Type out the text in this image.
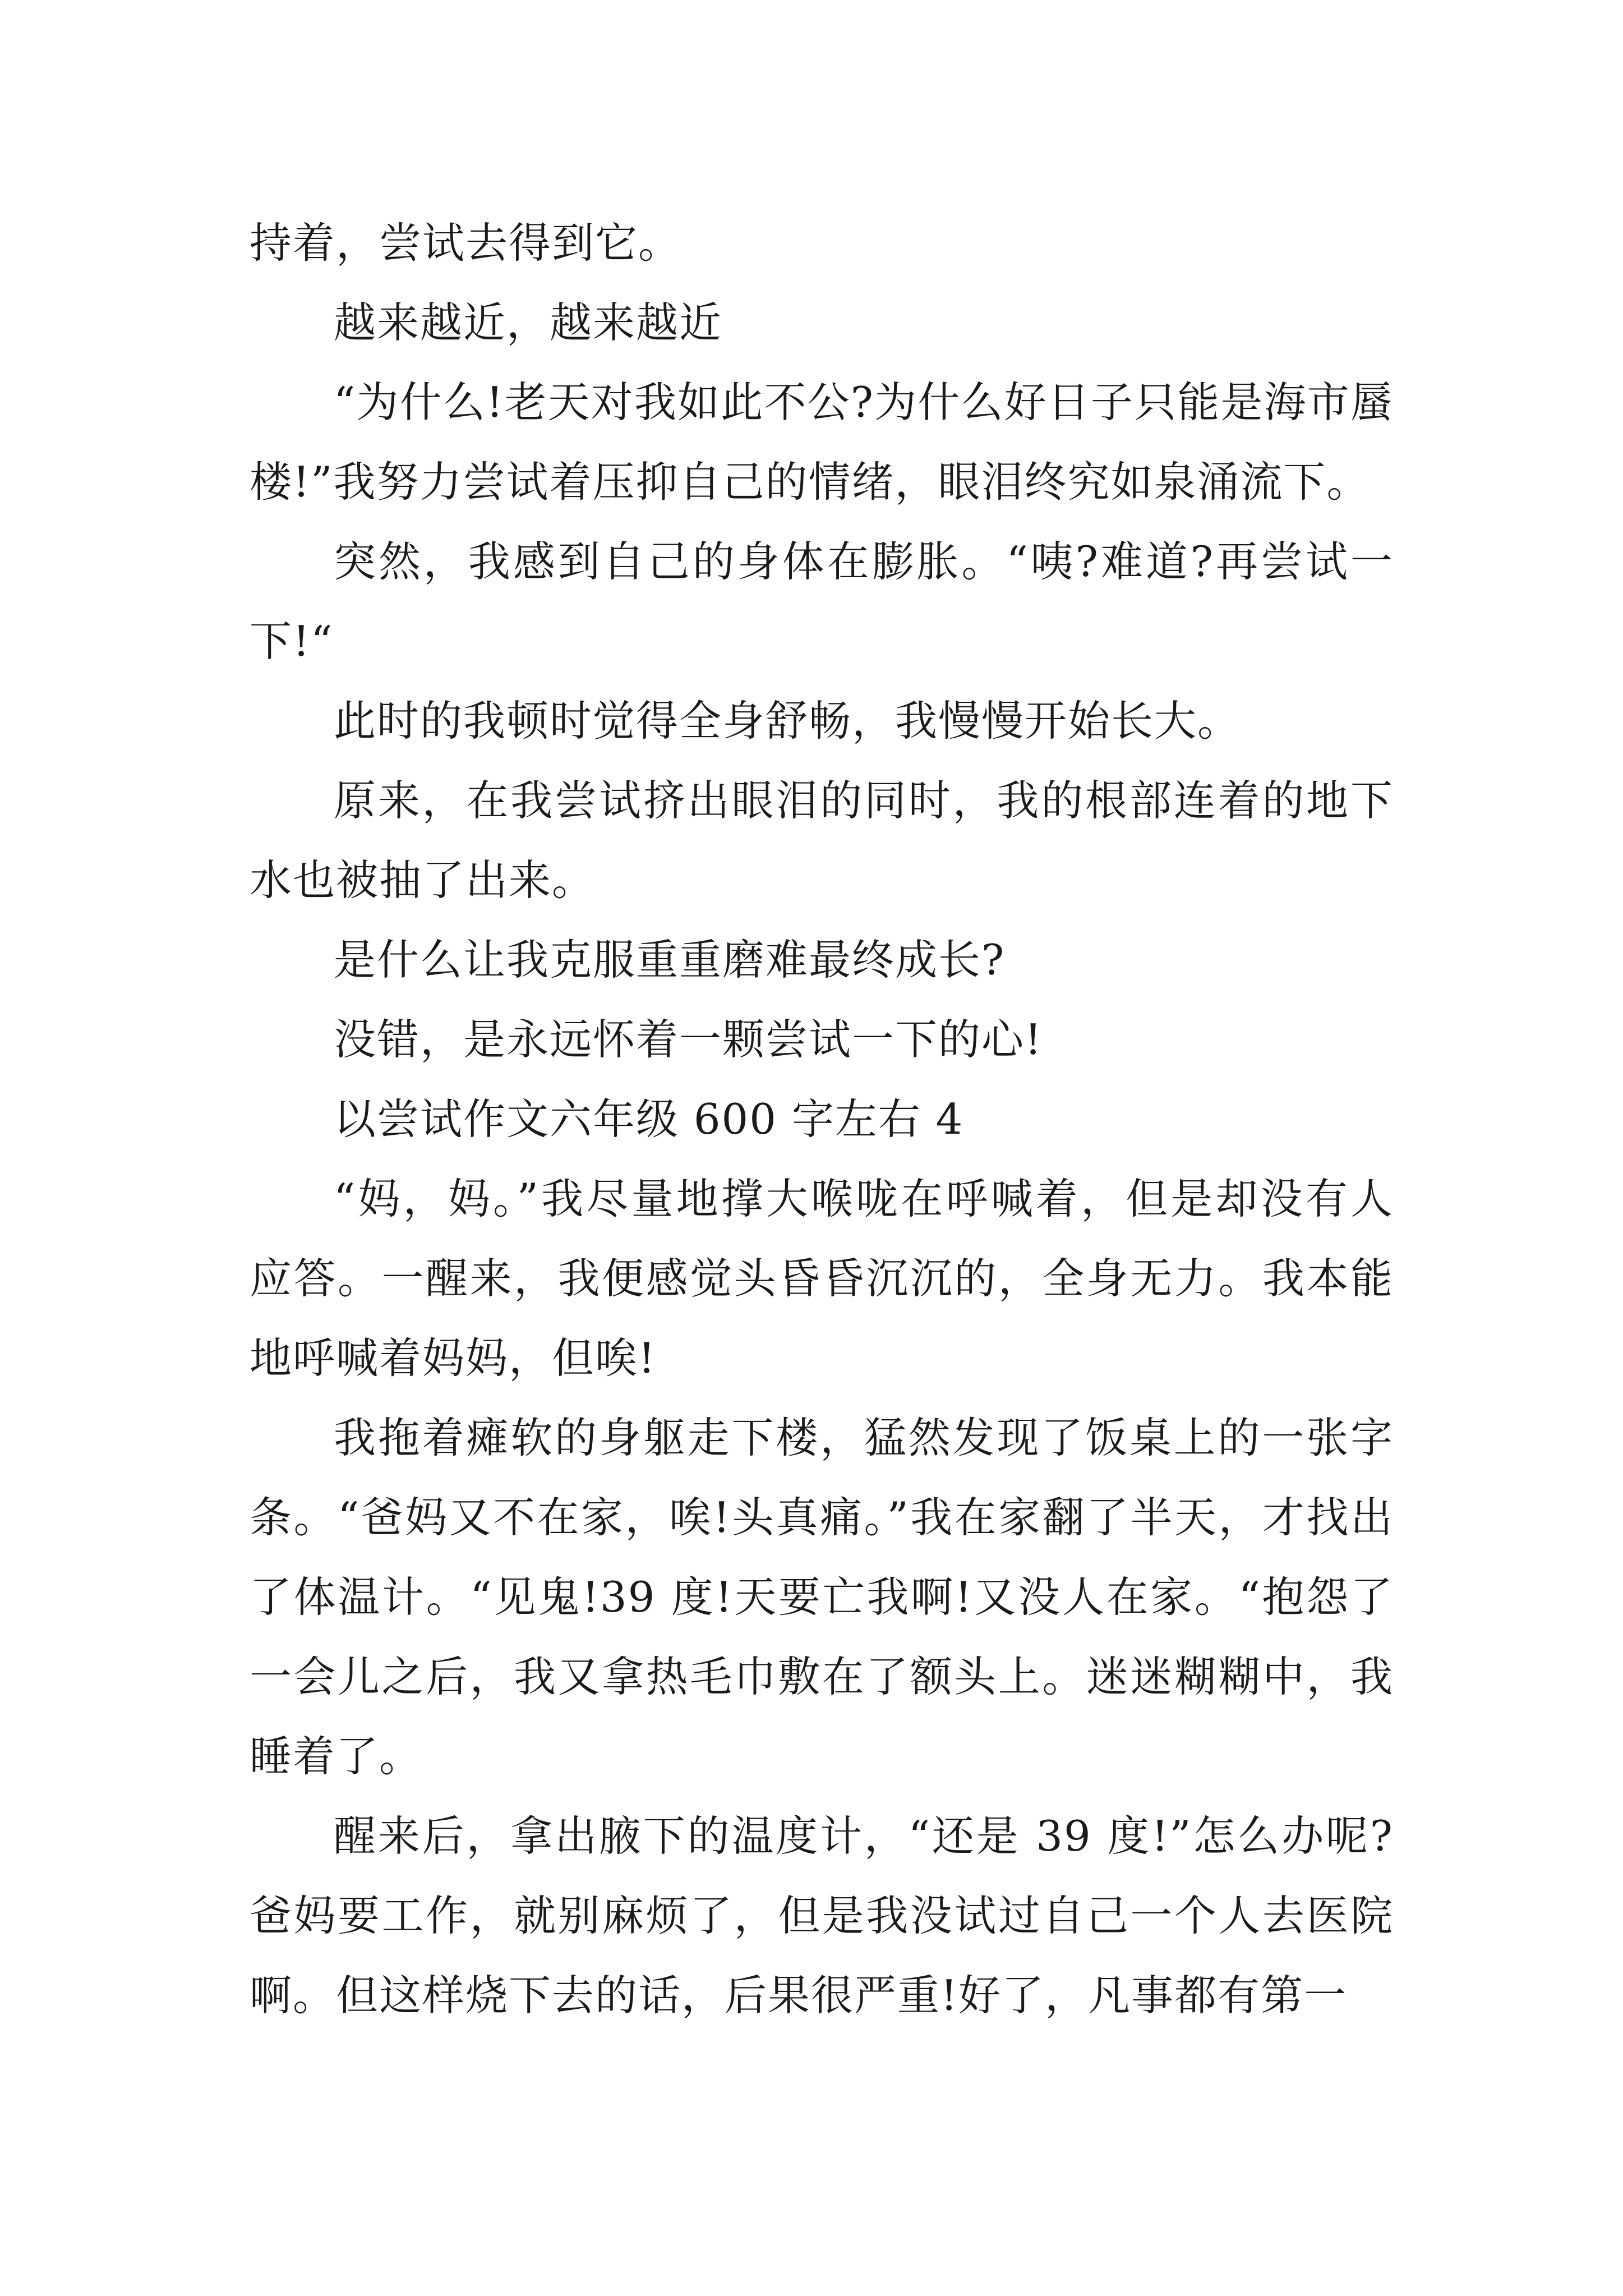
持着，尝试去得到它。

越来越近，越来越近

“为什么!老天对我如此不公?为什么好日子只能是海市蜃楼!”我努力尝试着压抑自己的情绪，眼泪终究如泉涌流下。

突然，我感到自己的身体在膨胀。“咦?难道?再尝试一下!“

此时的我顿时觉得全身舒畅，我慢慢开始长大。

原来，在我尝试挤出眼泪的同时，我的根部连着的地下水也被抽了出来。

是什么让我克服重重磨难最终成长?

没错，是永远怀着一颗尝试一下的心!

以尝试作文六年级 600 字左右 4

“妈，妈。”我尽量地撑大喉咙在呼喊着，但是却没有人应答。一醒来，我便感觉头昏昏沉沉的，全身无力。我本能地呼喊着妈妈，但唉!

我拖着瘫软的身躯走下楼，猛然发现了饭桌上的一张字条。“爸妈又不在家，唉!头真痛。”我在家翻了半天，才找出了体温计。“见鬼!39 度!天要亡我啊!又没人在家。“抱怨了一会儿之后，我又拿热毛巾敷在了额头上。迷迷糊糊中，我睡着了。

醒来后，拿出腋下的温度计，“还是 39 度!”怎么办呢?爸妈要工作，就别麻烦了，但是我没试过自己一个人去医院啊。但这样烧下去的话，后果很严重!好了，凡事都有第一
